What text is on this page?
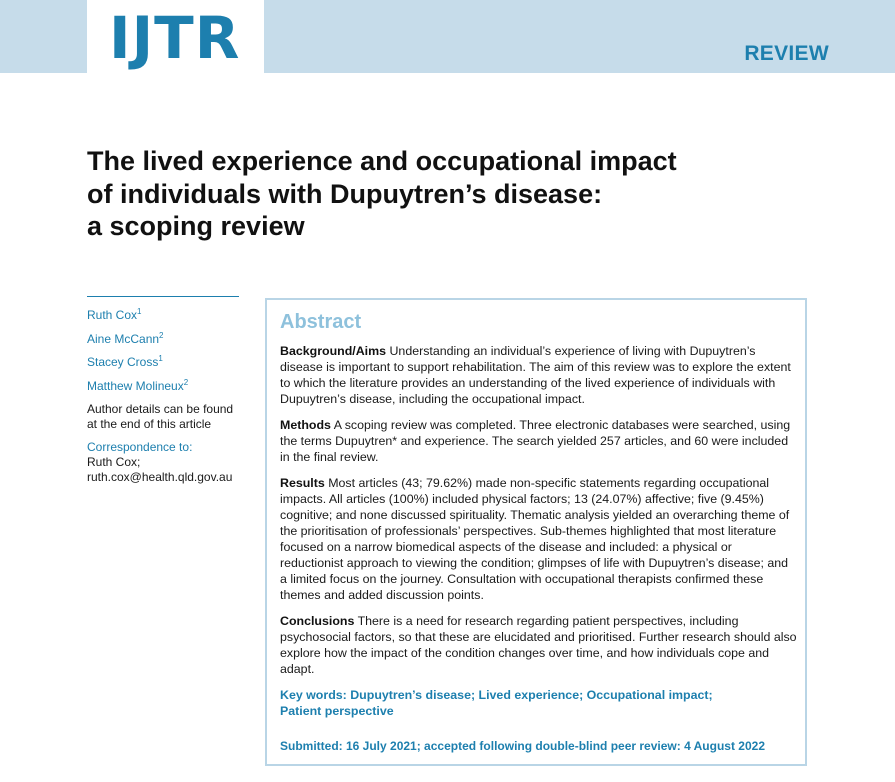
IJTR	REVIEW
The lived experience and occupational impact
of individuals with Dupuytren’s disease:
a scoping review
Ruth Cox$^1$
Aine McCann$^2$
Stacey Cross$^1$
Matthew Molineux$^2$
Author details can be found
at the end of this article
Correspondence to:
Ruth Cox;
ruth.cox@health.qld.gov.au
Abstract

Background/Aims Understanding an individual’s experience of living with Dupuytren’s disease is important to support rehabilitation. The aim of this review was to explore the extent to which the literature provides an understanding of the lived experience of individuals with Dupuytren’s disease, including the occupational impact.

Methods A scoping review was completed. Three electronic databases were searched, using the terms Dupuytren* and experience. The search yielded 257 articles, and 60 were included in the final review.

Results Most articles (43; 79.62%) made non-specific statements regarding occupational impacts. All articles (100%) included physical factors; 13 (24.07%) affective; five (9.45%) cognitive; and none discussed spirituality. Thematic analysis yielded an overarching theme of the prioritisation of professionals’ perspectives. Sub-themes highlighted that most literature focused on a narrow biomedical aspects of the disease and included: a physical or reductionist approach to viewing the condition; glimpses of life with Dupuytren’s disease; and a limited focus on the journey. Consultation with occupational therapists confirmed these themes and added discussion points.

Conclusions There is a need for research regarding patient perspectives, including psychosocial factors, so that these are elucidated and prioritised. Further research should also explore how the impact of the condition changes over time, and how individuals cope and adapt.

Key words: Dupuytren’s disease; Lived experience; Occupational impact;
Patient perspective
Submitted: 16 July 2021; accepted following double-blind peer review: 4 August 2022
